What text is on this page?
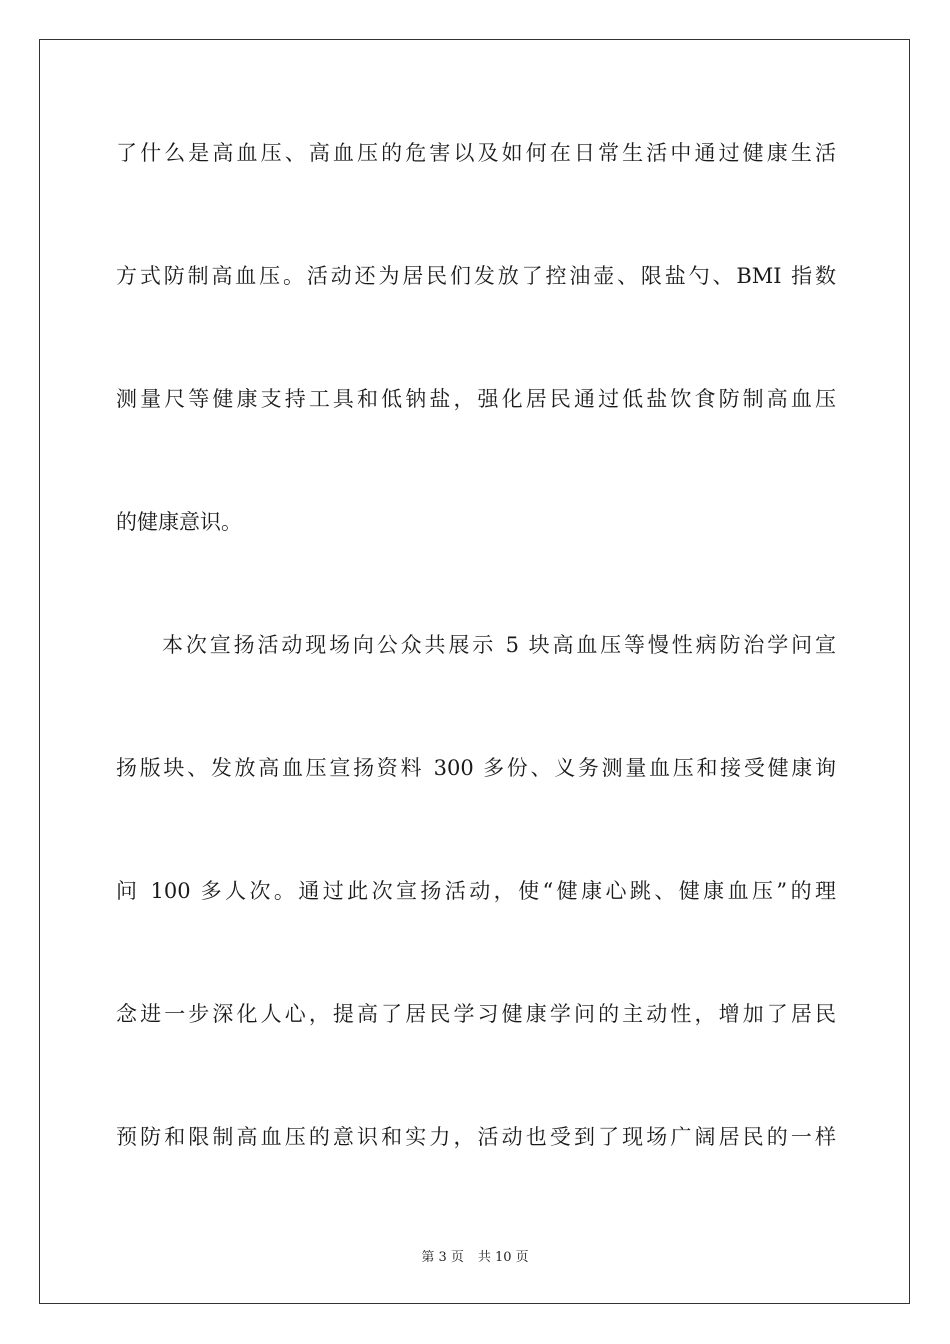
了什么是高血压、高血压的危害以及如何在日常生活中通过健康生活
方式防制高血压。活动还为居民们发放了控油壶、限盐勺、BMI 指数
测量尺等健康支持工具和低钠盐，强化居民通过低盐饮食防制高血压
的健康意识。
本次宣扬活动现场向公众共展示 5 块高血压等慢性病防治学问宣
扬版块、发放高血压宣扬资料 300 多份、义务测量血压和接受健康询
问 100 多人次。通过此次宣扬活动，使“健康心跳、健康血压”的理
念进一步深化人心，提高了居民学习健康学问的主动性，增加了居民
预防和限制高血压的意识和实力，活动也受到了现场广阔居民的一样
第 3 页 共 10 页
